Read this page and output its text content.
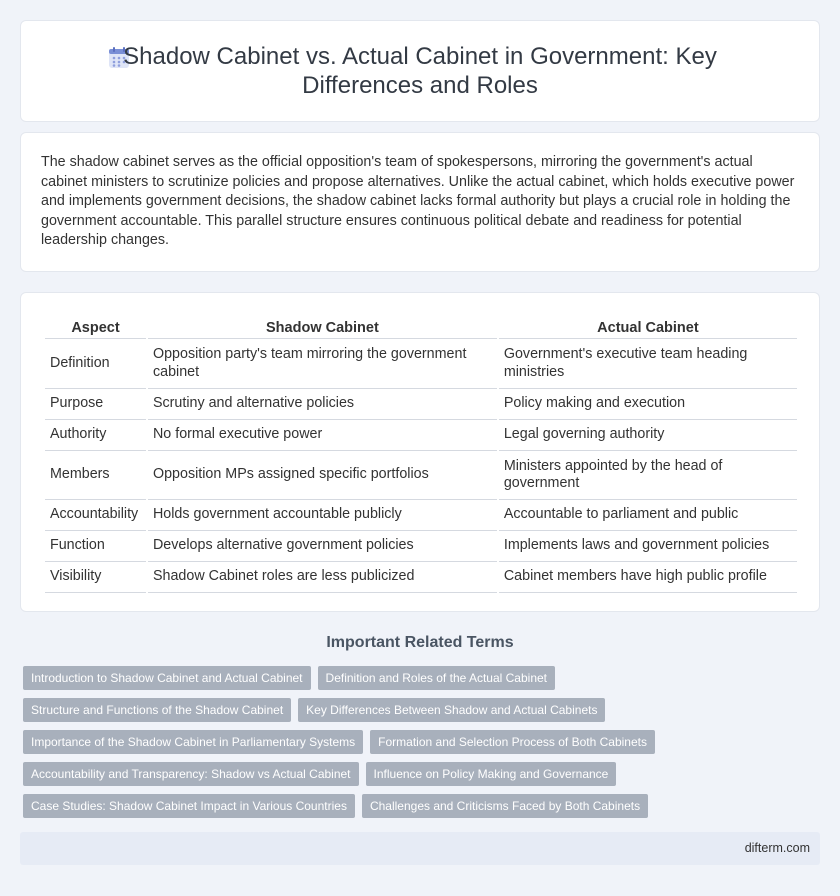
Shadow Cabinet vs. Actual Cabinet in Government: Key Differences and Roles

The shadow cabinet serves as the official opposition's team of spokespersons, mirroring the government's actual cabinet ministers to scrutinize policies and propose alternatives. Unlike the actual cabinet, which holds executive power and implements government decisions, the shadow cabinet lacks formal authority but plays a crucial role in holding the government accountable. This parallel structure ensures continuous political debate and readiness for potential leadership changes.

Aspect	Shadow Cabinet	Actual Cabinet
Definition	Opposition party's team mirroring the government cabinet	Government's executive team heading ministries
Purpose	Scrutiny and alternative policies	Policy making and execution
Authority	No formal executive power	Legal governing authority
Members	Opposition MPs assigned specific portfolios	Ministers appointed by the head of government
Accountability	Holds government accountable publicly	Accountable to parliament and public
Function	Develops alternative government policies	Implements laws and government policies
Visibility	Shadow Cabinet roles are less publicized	Cabinet members have high public profile
Important Related Terms
Introduction to Shadow Cabinet and Actual Cabinet	Definition and Roles of the Actual Cabinet
Structure and Functions of the Shadow Cabinet	Key Differences Between Shadow and Actual Cabinets
Importance of the Shadow Cabinet in Parliamentary Systems	Formation and Selection Process of Both Cabinets
Accountability and Transparency: Shadow vs Actual Cabinet	Influence on Policy Making and Governance
Case Studies: Shadow Cabinet Impact in Various Countries	Challenges and Criticisms Faced by Both Cabinets
difterm.com
